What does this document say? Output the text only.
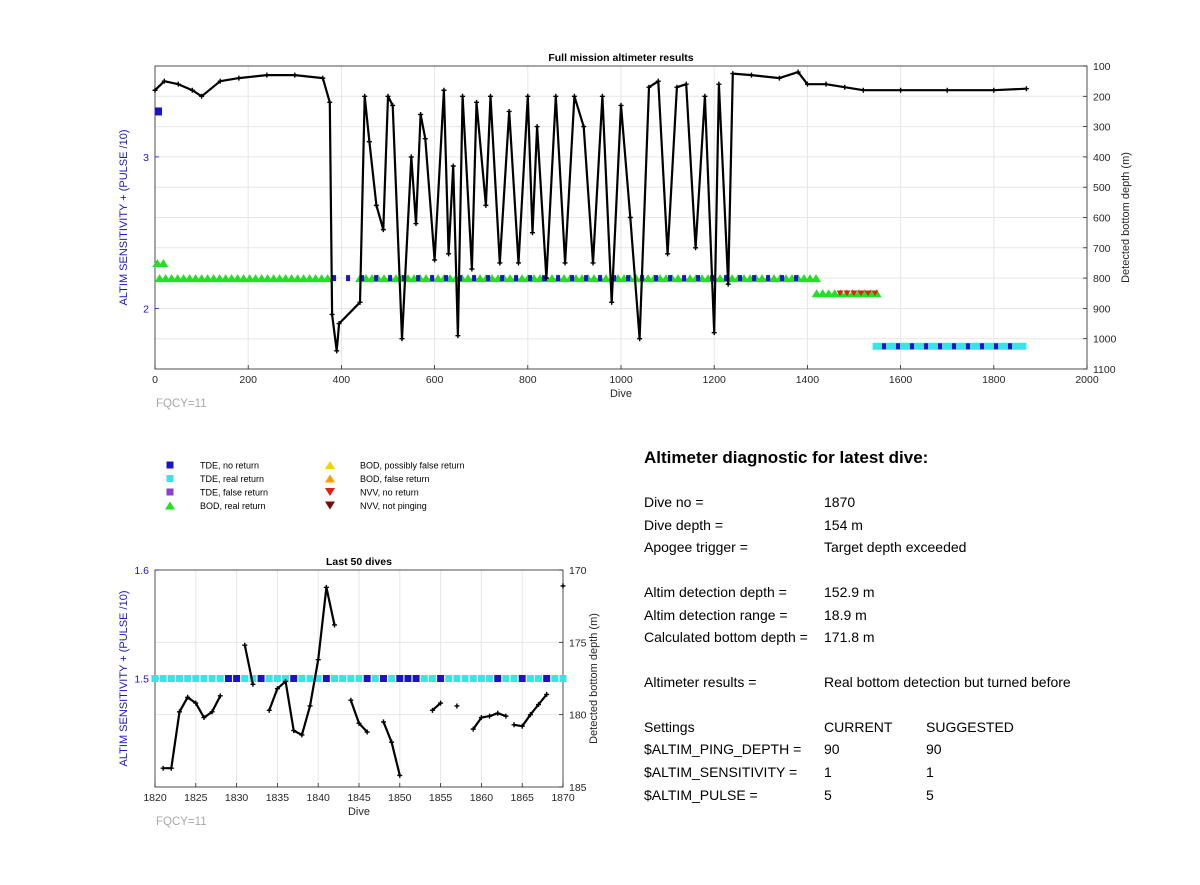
0	200	400	600	800	1000	1200	1400	1600	1800	2000
2
3
100
200
300
400
500
600
700
800
900
1000
1100
Full mission altimeter results
Dive
ALTIM SENSITIVITY + (PULSE /10)	Detected bottom depth (m)
FQCY=11
TDE, no return
TDE, real return
TDE, false return
BOD, real return
BOD, possibly false return
BOD, false return
NVV, no return
NVV, not pinging
1820 1825 1830 1835 1840 1845 1850 1855 1860 1865 1870
1.5
1.6	170
175
180
185
Last 50 dives
Dive
ALTIM SENSITIVITY + (PULSE /10)	Detected bottom depth (m)
FQCY=11
Altimeter diagnostic for latest dive:
Dive no =	1870
Dive depth =	154 m
Apogee trigger =	Target depth exceeded
Altim detection depth =	152.9 m
Altim detection range =	18.9 m
Calculated bottom depth = 171.8 m
Altimeter results =	Real bottom detection but turned before
Settings	CURRENT SUGGESTED
$ALTIM_PING_DEPTH = 90	90
$ALTIM_SENSITIVITY = 1	1
$ALTIM_PULSE =	5	5
